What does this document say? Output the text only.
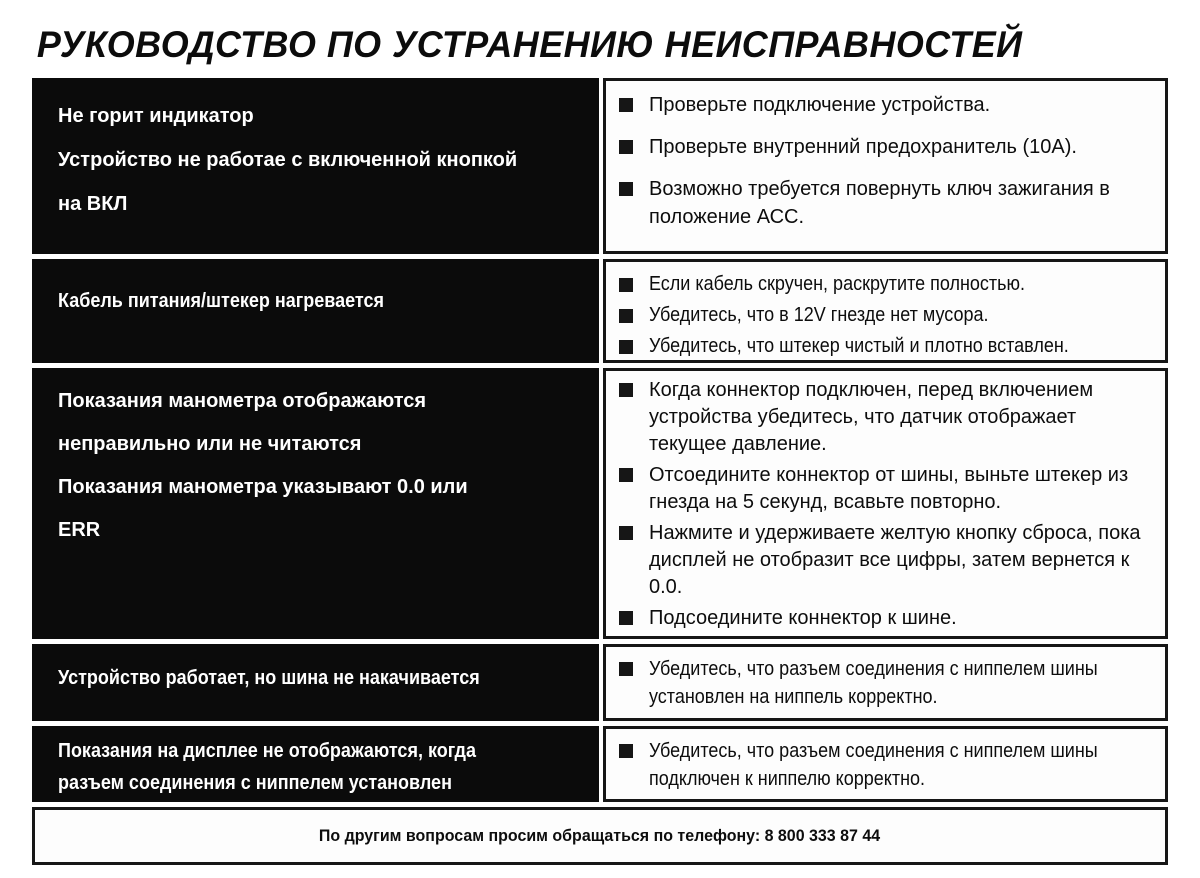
РУКОВОДСТВО ПО УСТРАНЕНИЮ НЕИСПРАВНОСТЕЙ
Не горит индикатор
Устройство не работае с включенной кнопкой
на ВКЛ
Проверьте подключение устройства.
Проверьте внутренний предохранитель (10А).
Возможно требуется повернуть ключ зажигания в положение АСС.
Кабель питания/штекер нагревается
Если кабель скручен, раскрутите полностью.
Убедитесь, что в 12V гнезде нет мусора.
Убедитесь, что штекер чистый и плотно вставлен.
Показания манометра отображаются
неправильно или не читаются
Показания манометра указывают 0.0 или
ERR
Когда коннектор подключен, перед включением устройства убедитесь, что датчик отображает текущее давление.
Отсоедините коннектор от шины, выньте штекер из гнезда на 5 секунд, всавьте повторно.
Нажмите и удерживаете желтую кнопку сброса, пока дисплей не отобразит все цифры, затем вернется к 0.0.
Подсоедините коннектор к шине.
Устройство работает, но шина не накачивается	Убедитесь, что разъем соединения с ниппелем шины установлен на ниппель корректно.
Показания на дисплее не отображаются, когда
разъем соединения с ниппелем установлен
Убедитесь, что разъем соединения с ниппелем шины подключен к ниппелю корректно.
По другим вопросам просим обращаться по телефону: 8 800 333 87 44
